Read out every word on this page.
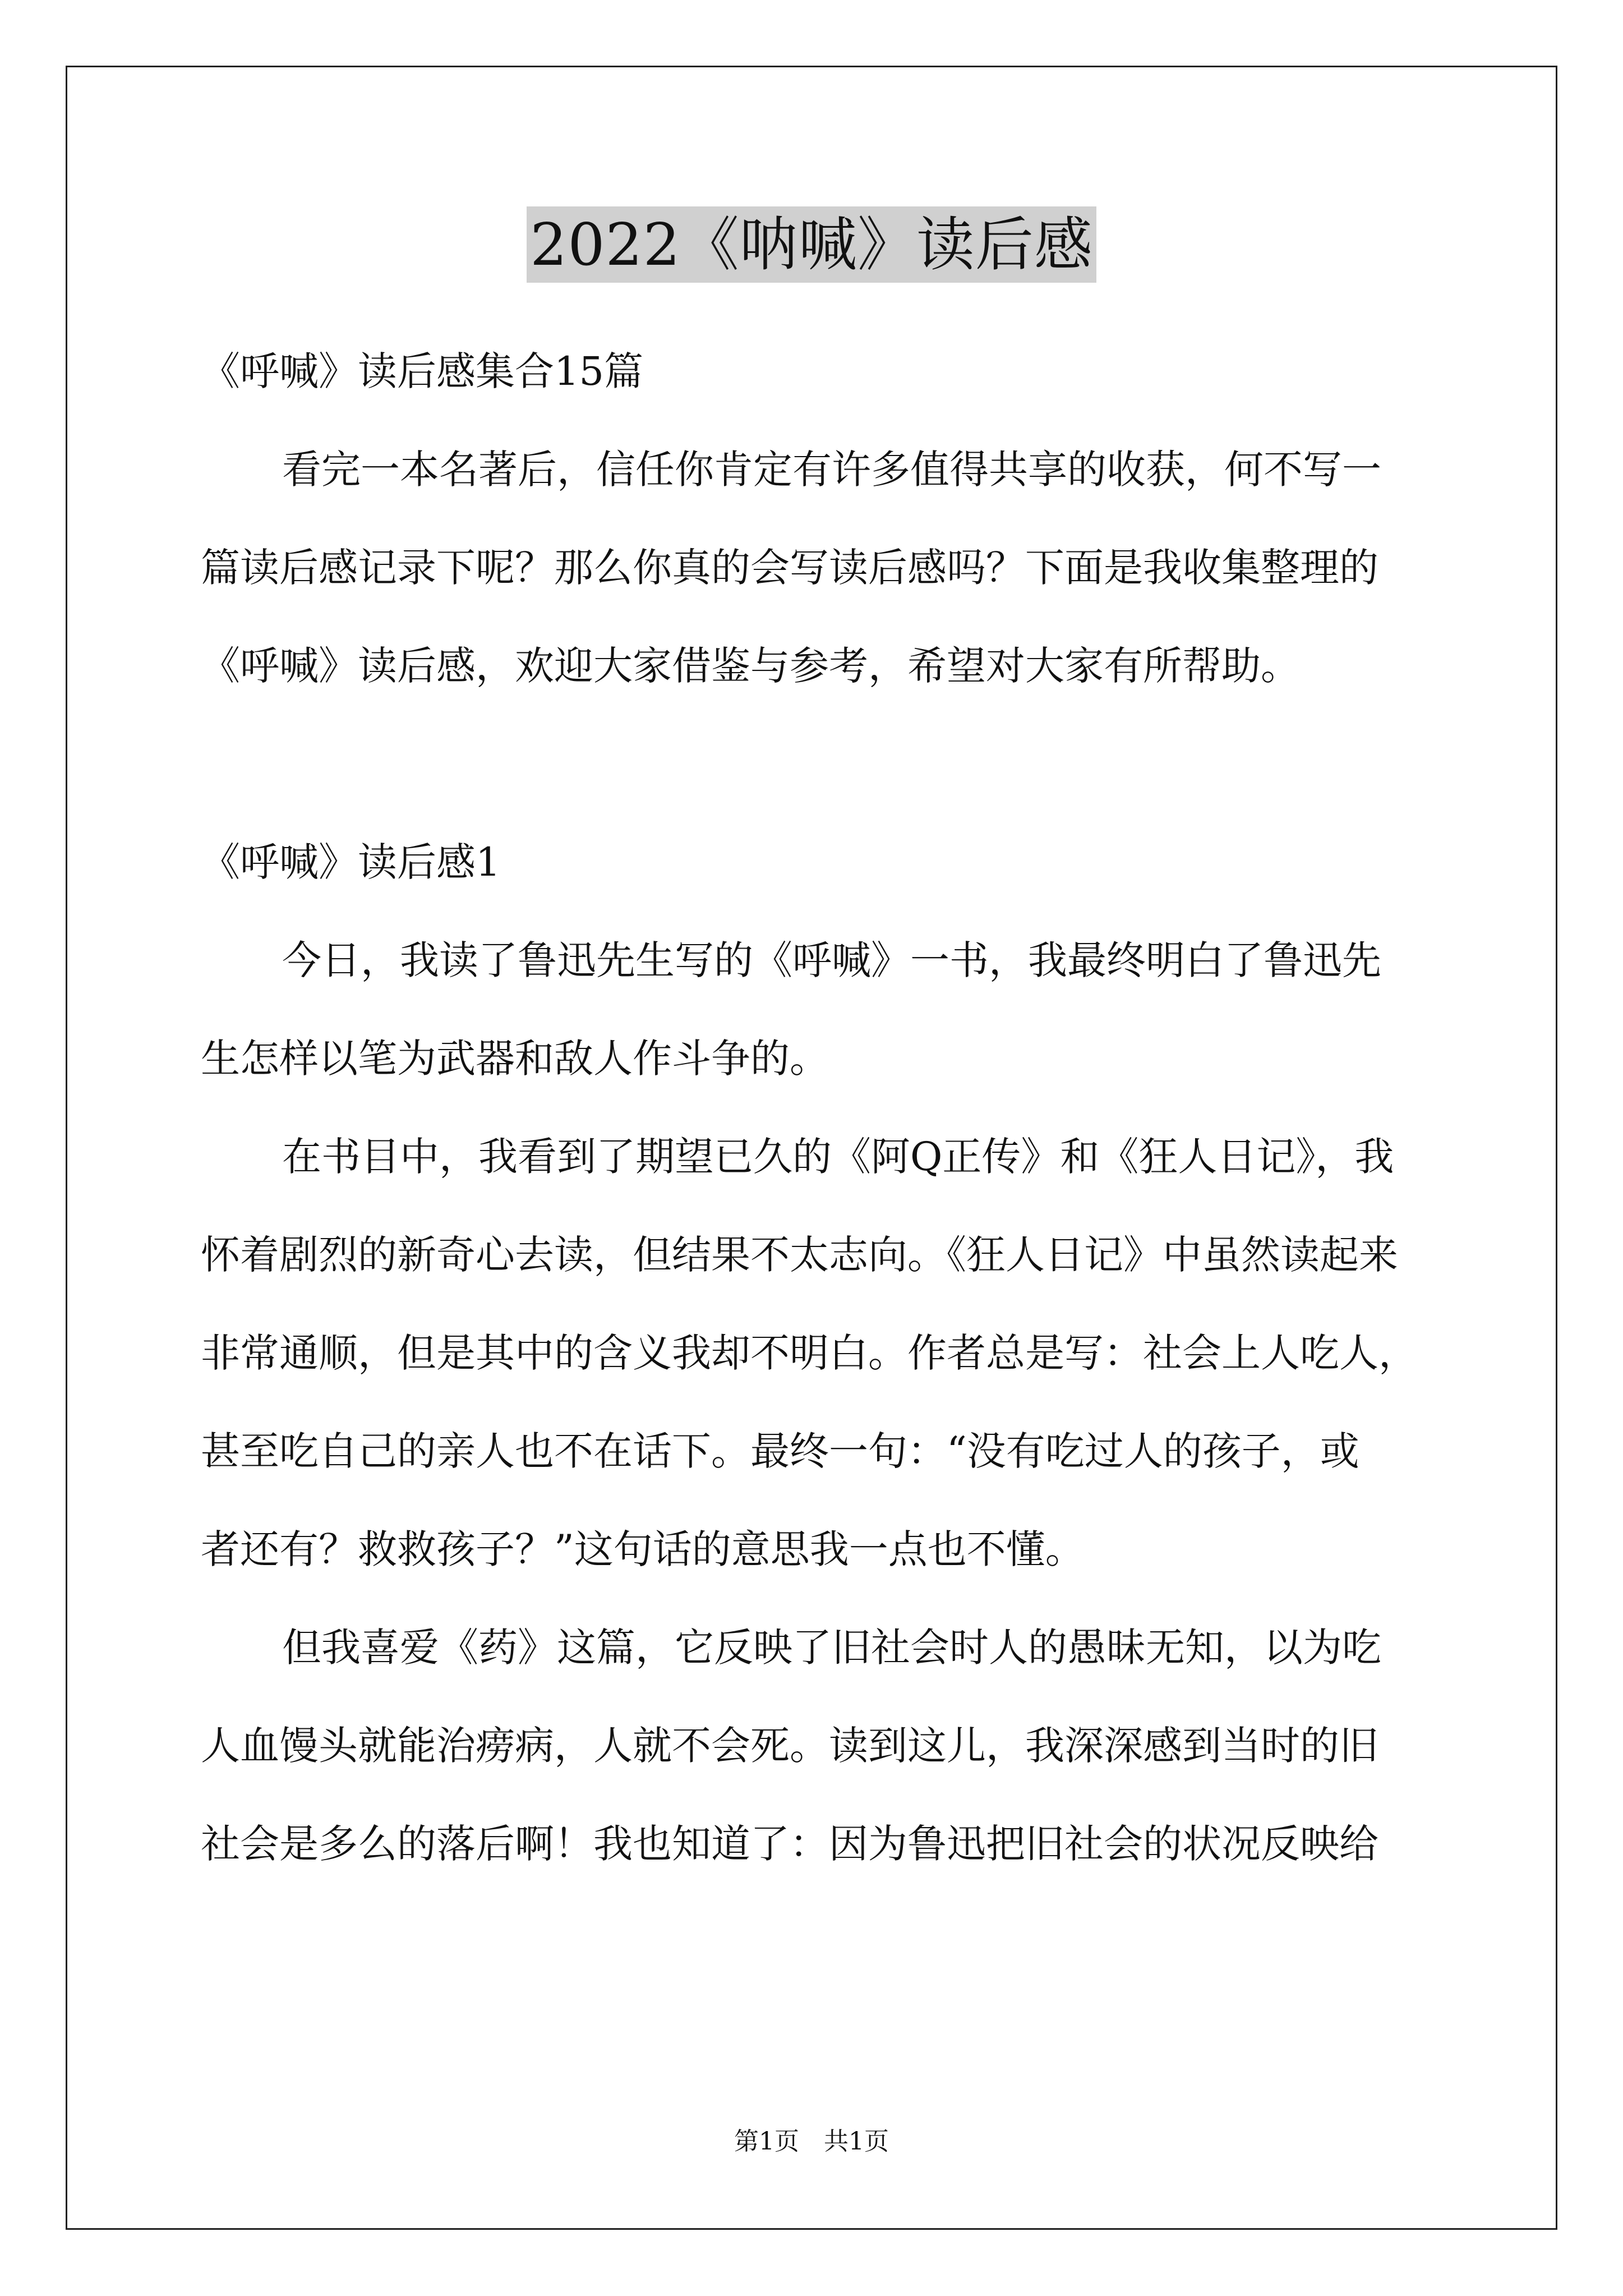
2022《呐喊》读后感
《呼喊》读后感集合15篇
看完一本名著后，信任你肯定有许多值得共享的收获，何不写一
篇读后感记录下呢？那么你真的会写读后感吗？下面是我收集整理的
《呼喊》读后感，欢迎大家借鉴与参考，希望对大家有所帮助。
《呼喊》读后感1
今日，我读了鲁迅先生写的《呼喊》一书，我最终明白了鲁迅先
生怎样以笔为武器和敌人作斗争的。
在书目中，我看到了期望已久的《阿Q正传》和《狂人日记》，我
怀着剧烈的新奇心去读，但结果不太志向。《狂人日记》中虽然读起来
非常通顺，但是其中的含义我却不明白。作者总是写：社会上人吃人，
甚至吃自己的亲人也不在话下。最终一句：“没有吃过人的孩子，或
者还有？救救孩子？”这句话的意思我一点也不懂。
但我喜爱《药》这篇，它反映了旧社会时人的愚昧无知，以为吃
人血馒头就能治痨病，人就不会死。读到这儿，我深深感到当时的旧
社会是多么的落后啊！我也知道了：因为鲁迅把旧社会的状况反映给
第1页　共1页
